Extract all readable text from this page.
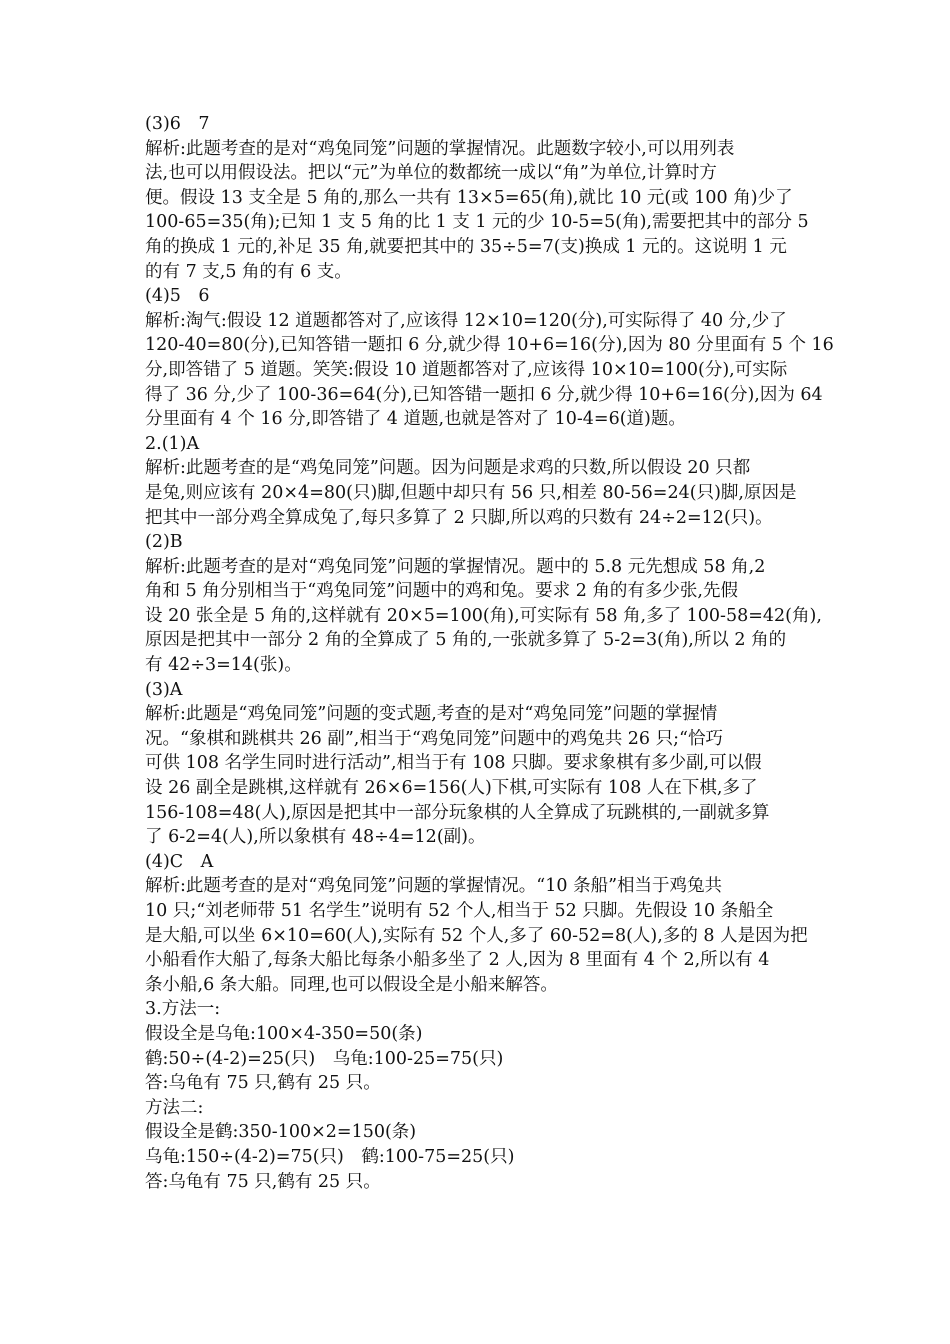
(3)6　7
解析:此题考查的是对“鸡兔同笼”问题的掌握情况。此题数字较小,可以用列表
法,也可以用假设法。把以“元”为单位的数都统一成以“角”为单位,计算时方
便。假设 13 支全是 5 角的,那么一共有 13×5=65(角),就比 10 元(或 100 角)少了
100-65=35(角);已知 1 支 5 角的比 1 支 1 元的少 10-5=5(角),需要把其中的部分 5
角的换成 1 元的,补足 35 角,就要把其中的 35÷5=7(支)换成 1 元的。这说明 1 元
的有 7 支,5 角的有 6 支。
(4)5　6
解析:淘气:假设 12 道题都答对了,应该得 12×10=120(分),可实际得了 40 分,少了
120-40=80(分),已知答错一题扣 6 分,就少得 10+6=16(分),因为 80 分里面有 5 个 16
分,即答错了 5 道题。笑笑:假设 10 道题都答对了,应该得 10×10=100(分),可实际
得了 36 分,少了 100-36=64(分),已知答错一题扣 6 分,就少得 10+6=16(分),因为 64
分里面有 4 个 16 分,即答错了 4 道题,也就是答对了 10-4=6(道)题。
2.(1)A
解析:此题考查的是“鸡兔同笼”问题。因为问题是求鸡的只数,所以假设 20 只都
是兔,则应该有 20×4=80(只)脚,但题中却只有 56 只,相差 80-56=24(只)脚,原因是
把其中一部分鸡全算成兔了,每只多算了 2 只脚,所以鸡的只数有 24÷2=12(只)。
(2)B
解析:此题考查的是对“鸡兔同笼”问题的掌握情况。题中的 5.8 元先想成 58 角,2
角和 5 角分别相当于“鸡兔同笼”问题中的鸡和兔。要求 2 角的有多少张,先假
设 20 张全是 5 角的,这样就有 20×5=100(角),可实际有 58 角,多了 100-58=42(角),
原因是把其中一部分 2 角的全算成了 5 角的,一张就多算了 5-2=3(角),所以 2 角的
有 42÷3=14(张)。
(3)A
解析:此题是“鸡兔同笼”问题的变式题,考查的是对“鸡兔同笼”问题的掌握情
况。“象棋和跳棋共 26 副”,相当于“鸡兔同笼”问题中的鸡兔共 26 只;“恰巧
可供 108 名学生同时进行活动”,相当于有 108 只脚。要求象棋有多少副,可以假
设 26 副全是跳棋,这样就有 26×6=156(人)下棋,可实际有 108 人在下棋,多了
156-108=48(人),原因是把其中一部分玩象棋的人全算成了玩跳棋的,一副就多算
了 6-2=4(人),所以象棋有 48÷4=12(副)。
(4)C　A
解析:此题考查的是对“鸡兔同笼”问题的掌握情况。“10 条船”相当于鸡兔共
10 只;“刘老师带 51 名学生”说明有 52 个人,相当于 52 只脚。先假设 10 条船全
是大船,可以坐 6×10=60(人),实际有 52 个人,多了 60-52=8(人),多的 8 人是因为把
小船看作大船了,每条大船比每条小船多坐了 2 人,因为 8 里面有 4 个 2,所以有 4
条小船,6 条大船。同理,也可以假设全是小船来解答。
3.方法一:
假设全是乌龟:100×4-350=50(条)
鹤:50÷(4-2)=25(只)　乌龟:100-25=75(只)
答:乌龟有 75 只,鹤有 25 只。
方法二:
假设全是鹤:350-100×2=150(条)
乌龟:150÷(4-2)=75(只)　鹤:100-75=25(只)
答:乌龟有 75 只,鹤有 25 只。
